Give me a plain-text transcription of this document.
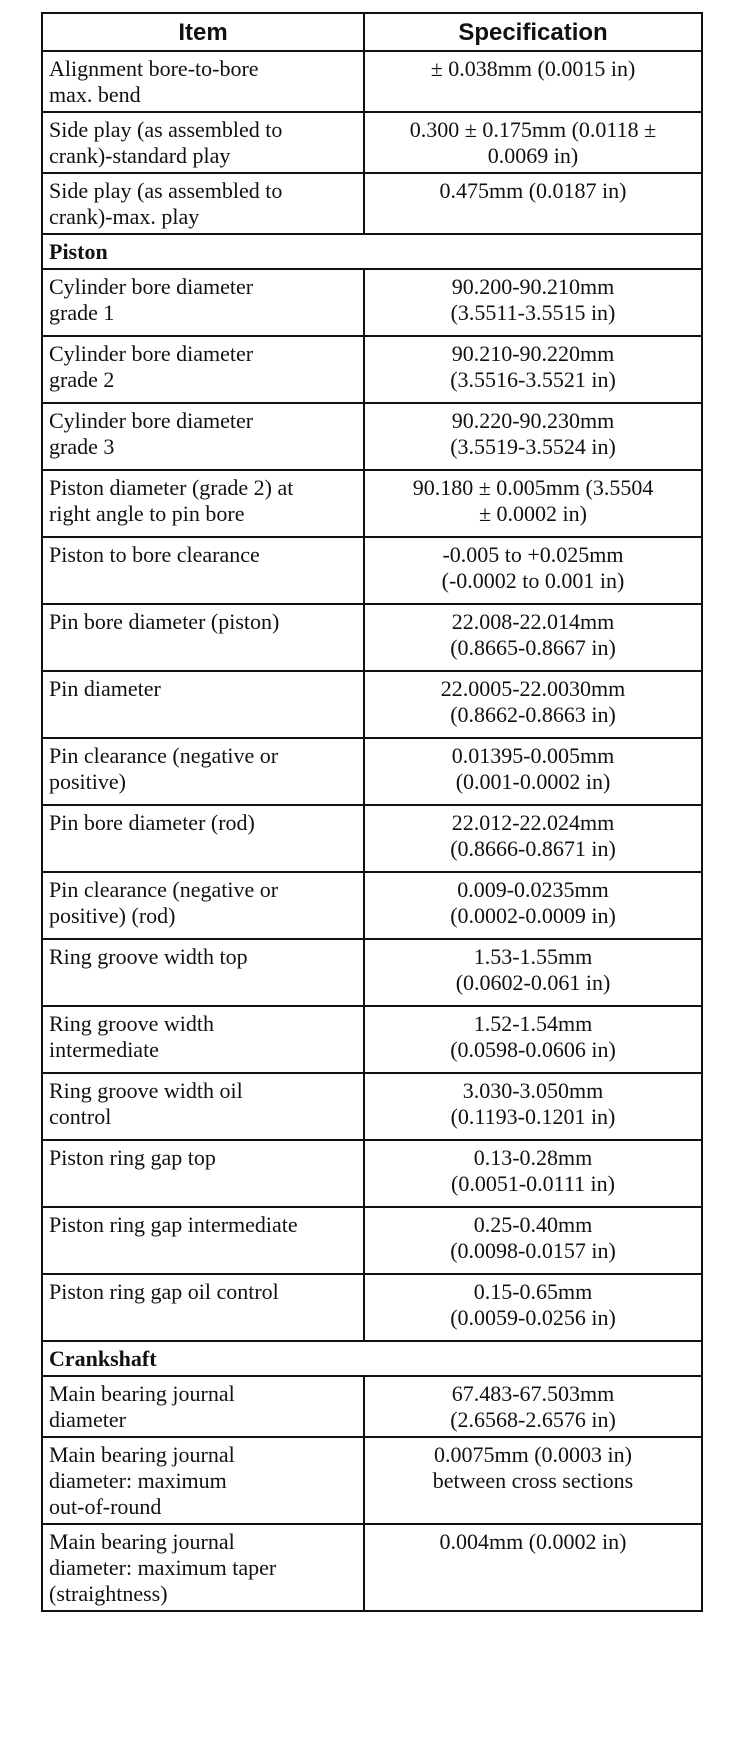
Item	Specification
Alignment bore-to-bore
max. bend	± 0.038mm (0.0015 in)
Side play (as assembled to
crank)-standard play	0.300 ± 0.175mm (0.0118 ±
0.0069 in)
Side play (as assembled to
crank)-max. play	0.475mm (0.0187 in)
Piston	
Cylinder bore diameter
grade 1	90.200-90.210mm
(3.5511-3.5515 in)
Cylinder bore diameter
grade 2	90.210-90.220mm
(3.5516-3.5521 in)
Cylinder bore diameter
grade 3	90.220-90.230mm
(3.5519-3.5524 in)
Piston diameter (grade 2) at
right angle to pin bore	90.180 ± 0.005mm (3.5504
± 0.0002 in)
Piston to bore clearance	-0.005 to +0.025mm
(-0.0002 to 0.001 in)
Pin bore diameter (piston)	22.008-22.014mm
(0.8665-0.8667 in)
Pin diameter	22.0005-22.0030mm
(0.8662-0.8663 in)
Pin clearance (negative or
positive)	0.01395-0.005mm
(0.001-0.0002 in)
Pin bore diameter (rod)	22.012-22.024mm
(0.8666-0.8671 in)
Pin clearance (negative or
positive) (rod)	0.009-0.0235mm
(0.0002-0.0009 in)
Ring groove width top	1.53-1.55mm
(0.0602-0.061 in)
Ring groove width
intermediate	1.52-1.54mm
(0.0598-0.0606 in)
Ring groove width oil
control	3.030-3.050mm
(0.1193-0.1201 in)
Piston ring gap top	0.13-0.28mm
(0.0051-0.0111 in)
Piston ring gap intermediate	0.25-0.40mm
(0.0098-0.0157 in)
Piston ring gap oil control	0.15-0.65mm
(0.0059-0.0256 in)
Crankshaft	
Main bearing journal
diameter	67.483-67.503mm
(2.6568-2.6576 in)
Main bearing journal
diameter: maximum
out-of-round	0.0075mm (0.0003 in)
between cross sections
Main bearing journal
diameter: maximum taper
(straightness)	0.004mm (0.0002 in)
